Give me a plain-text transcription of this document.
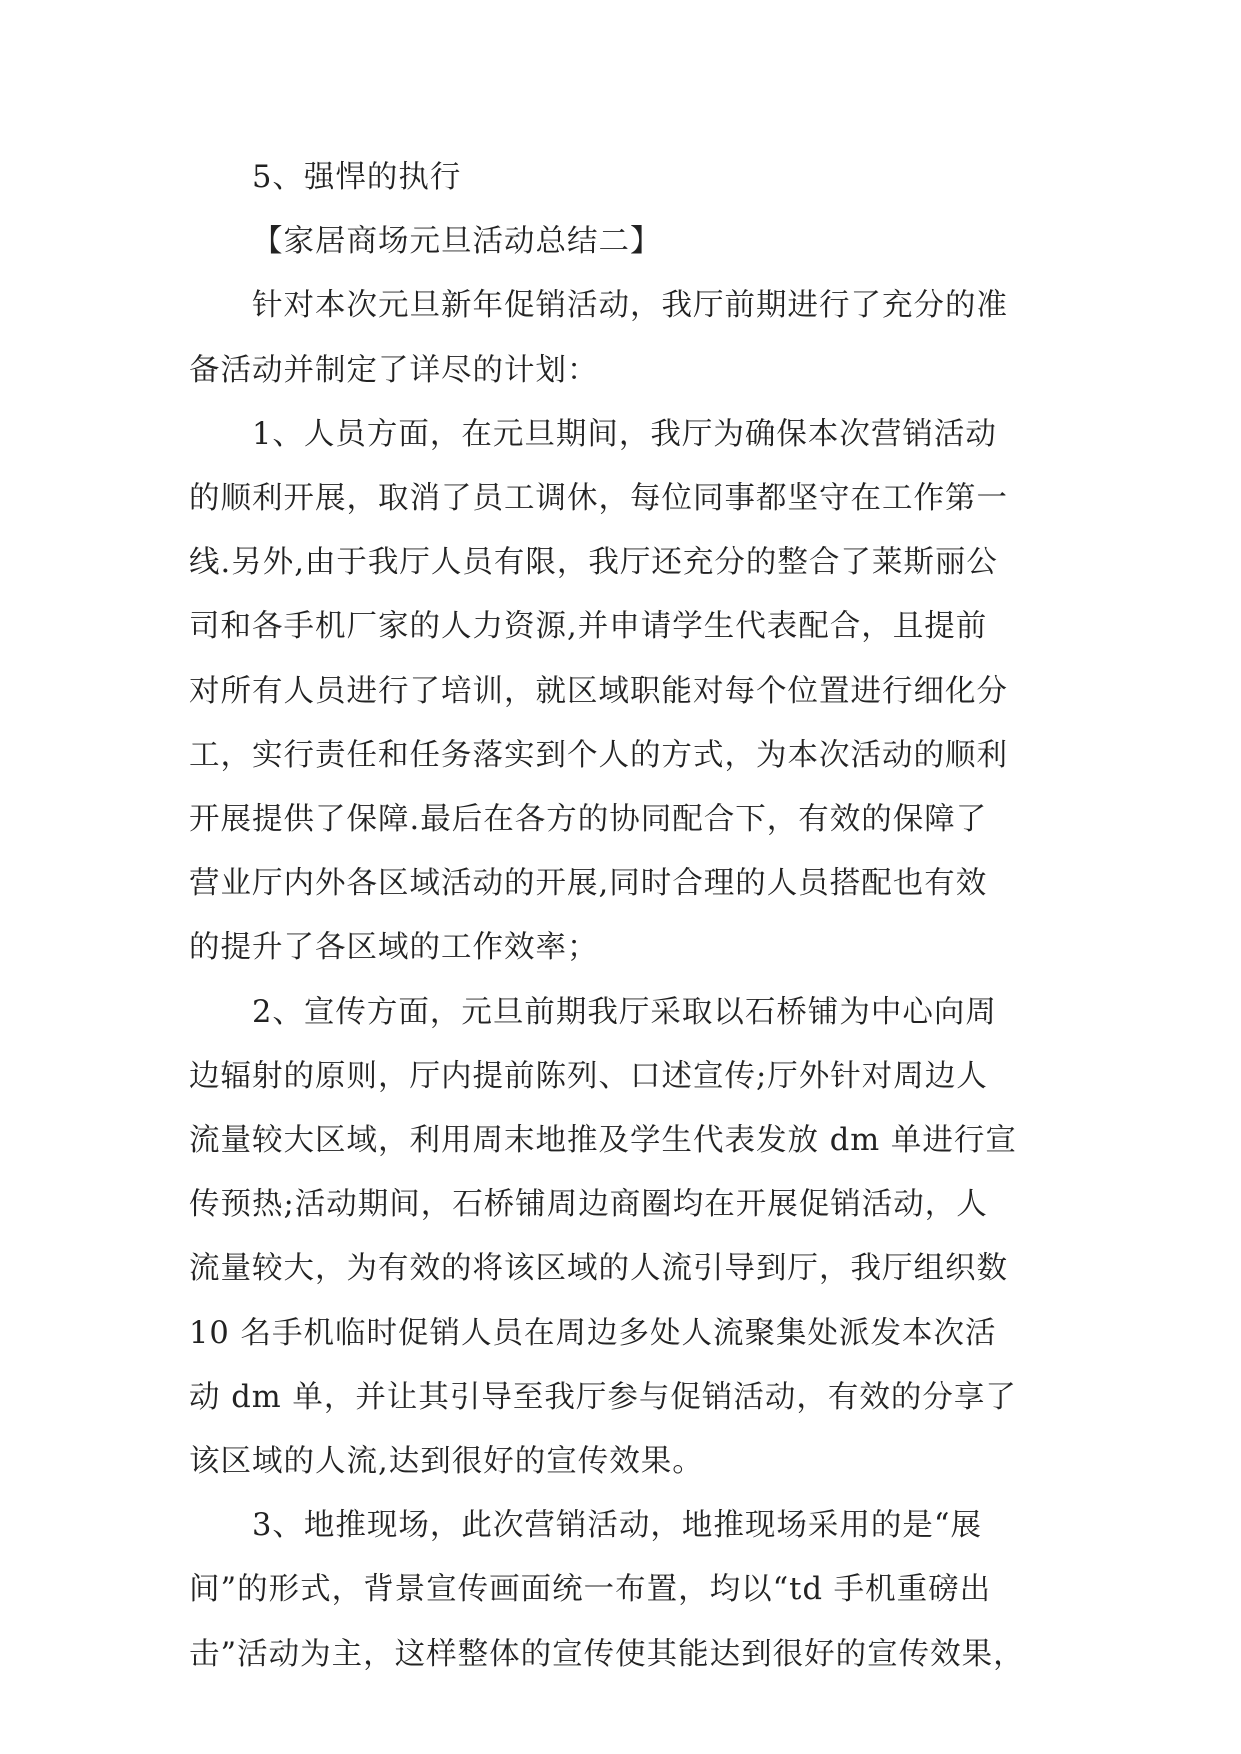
5、强悍的执行
【家居商场元旦活动总结二】
针对本次元旦新年促销活动，我厅前期进行了充分的准
备活动并制定了详尽的计划：
1、人员方面，在元旦期间，我厅为确保本次营销活动
的顺利开展，取消了员工调休，每位同事都坚守在工作第一
线.另外,由于我厅人员有限，我厅还充分的整合了莱斯丽公
司和各手机厂家的人力资源,并申请学生代表配合，且提前
对所有人员进行了培训，就区域职能对每个位置进行细化分
工，实行责任和任务落实到个人的方式，为本次活动的顺利
开展提供了保障.最后在各方的协同配合下，有效的保障了
营业厅内外各区域活动的开展,同时合理的人员搭配也有效
的提升了各区域的工作效率；
2、宣传方面，元旦前期我厅采取以石桥铺为中心向周
边辐射的原则，厅内提前陈列、口述宣传;厅外针对周边人
流量较大区域，利用周末地推及学生代表发放 dm 单进行宣
传预热;活动期间，石桥铺周边商圈均在开展促销活动，人
流量较大，为有效的将该区域的人流引导到厅，我厅组织数
10 名手机临时促销人员在周边多处人流聚集处派发本次活
动 dm 单，并让其引导至我厅参与促销活动，有效的分享了
该区域的人流,达到很好的宣传效果。
3、地推现场，此次营销活动，地推现场采用的是“展
间”的形式，背景宣传画面统一布置，均以“td 手机重磅出
击”活动为主，这样整体的宣传使其能达到很好的宣传效果，
